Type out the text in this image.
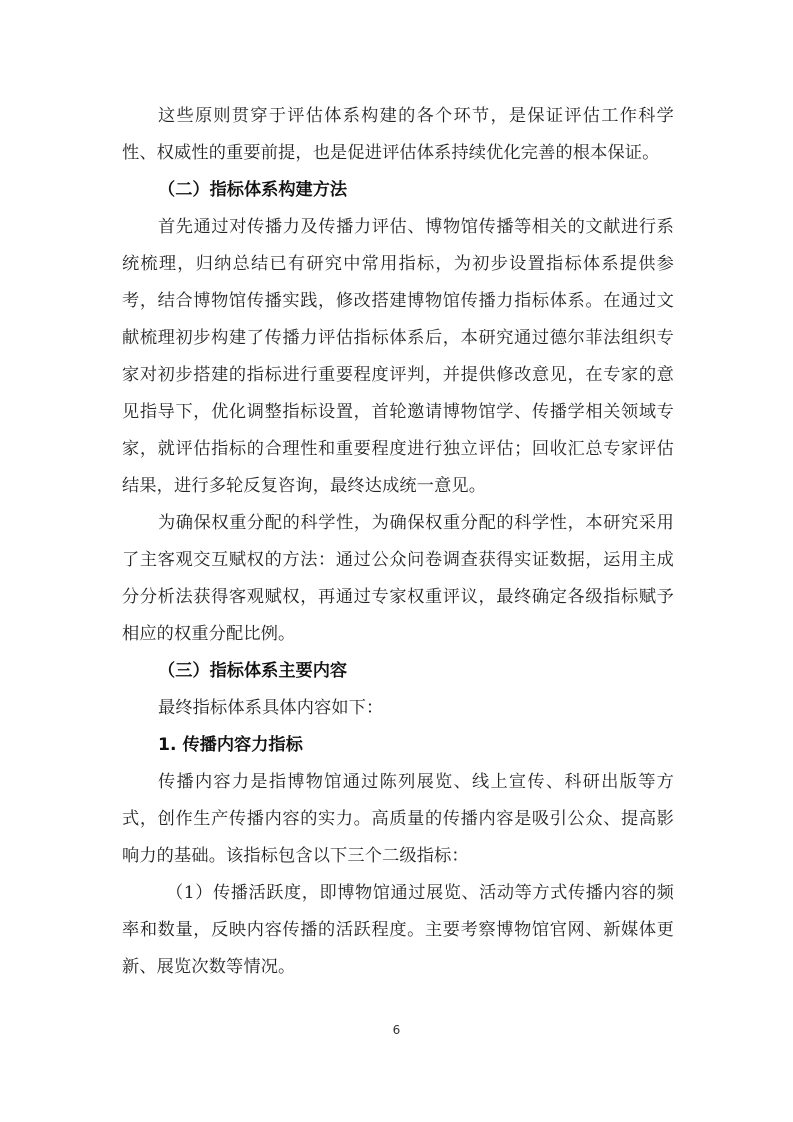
这些原则贯穿于评估体系构建的各个环节，是保证评估工作科学性、权威性的重要前提，也是促进评估体系持续优化完善的根本保证。

（二）指标体系构建方法

首先通过对传播力及传播力评估、博物馆传播等相关的文献进行系统梳理，归纳总结已有研究中常用指标，为初步设置指标体系提供参考，结合博物馆传播实践，修改搭建博物馆传播力指标体系。在通过文献梳理初步构建了传播力评估指标体系后，本研究通过德尔菲法组织专家对初步搭建的指标进行重要程度评判，并提供修改意见，在专家的意见指导下，优化调整指标设置，首轮邀请博物馆学、传播学相关领域专家，就评估指标的合理性和重要程度进行独立评估；回收汇总专家评估结果，进行多轮反复咨询，最终达成统一意见。

为确保权重分配的科学性，为确保权重分配的科学性，本研究采用了主客观交互赋权的方法：通过公众问卷调查获得实证数据，运用主成分分析法获得客观赋权，再通过专家权重评议，最终确定各级指标赋予相应的权重分配比例。

（三）指标体系主要内容

最终指标体系具体内容如下：

1. 传播内容力指标

传播内容力是指博物馆通过陈列展览、线上宣传、科研出版等方式，创作生产传播内容的实力。高质量的传播内容是吸引公众、提高影响力的基础。该指标包含以下三个二级指标：

（1）传播活跃度，即博物馆通过展览、活动等方式传播内容的频率和数量，反映内容传播的活跃程度。主要考察博物馆官网、新媒体更新、展览次数等情况。

6
